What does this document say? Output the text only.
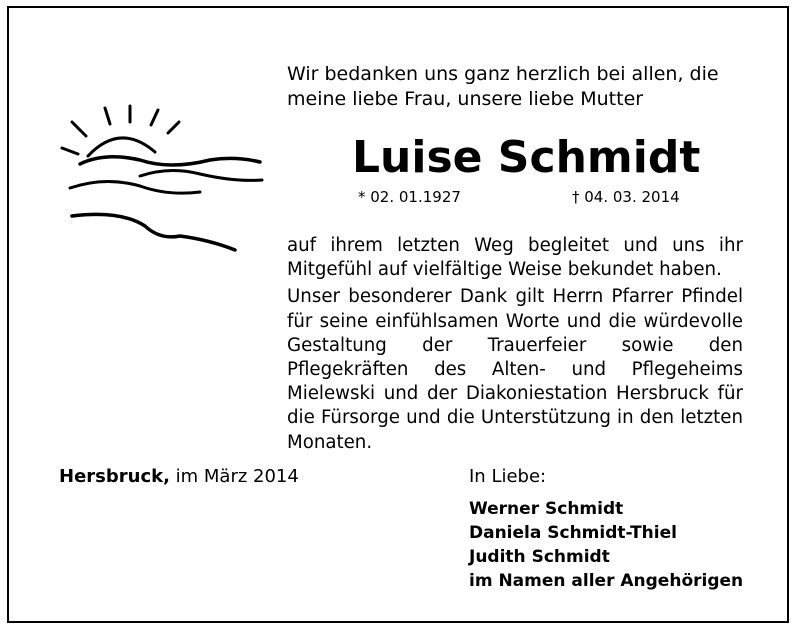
Wir bedanken uns ganz herzlich bei allen, die

meine liebe Frau, unsere liebe Mutter

Luise Schmidt
* 02. 01.1927	† 04. 03. 2014

auf ihrem letzten Weg begleitet und uns ihr Mitgefühl auf vielfältige Weise bekundet haben.

Unser besonderer Dank gilt Herrn Pfarrer Pfindel für seine einfühlsamen Worte und die würdevolle Gestaltung der Trauerfeier sowie den Pflegekräften des Alten- und Pflegeheims Mielewski und der Diakoniestation Hersbruck für die Fürsorge und die Unterstützung in den letzten Monaten.

Hersbruck, im März 2014	In Liebe:
Werner Schmidt
Daniela Schmidt-Thiel
Judith Schmidt
im Namen aller Angehörigen
